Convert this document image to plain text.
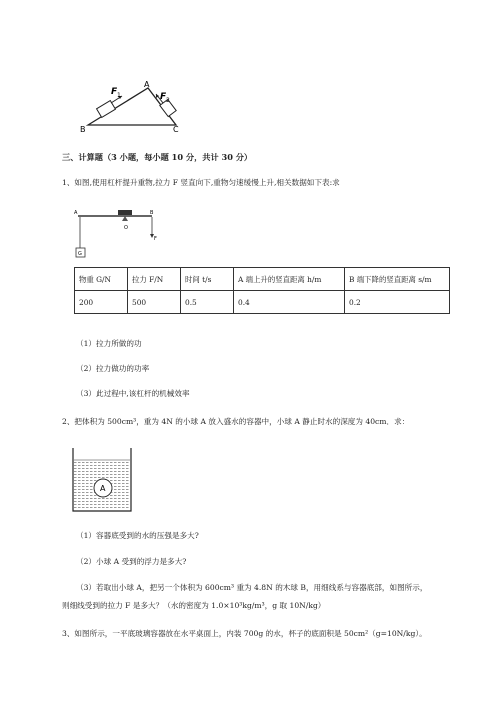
A
B	C
F 1	F 2
三、计算题（3 小题，每小题 10 分，共计 30 分）
1、如图,使用杠杆提升重物,拉力 F 竖直向下,重物匀速缓慢上升,相关数据如下表:求
A	B
O
F
G
物重 G/N	拉力 F/N	时间 t/s	A 端上升的竖直距离 h/m	B 端下降的竖直距离 s/m
200	500	0.5	0.4	0.2
（1）拉力所做的功
（2）拉力做功的功率
（3）此过程中,该杠杆的机械效率
2、把体积为 500cm³，重为 4N 的小球 A 放入盛水的容器中，小球 A 静止时水的深度为 40cm．求：
A
（1）容器底受到的水的压强是多大?
（2）小球 A 受到的浮力是多大?
（3）若取出小球 A，把另一个体积为 600cm³ 重为 4.8N 的木球 B，用细线系与容器底部，如图所示，
则细线受到的拉力 F 是多大？（水的密度为 1.0×10³kg/m³，g 取 10N/kg）
3、如图所示，一平底玻璃容器放在水平桌面上，内装 700g 的水，杯子的底面积是 50cm²（g=10N/kg）。
